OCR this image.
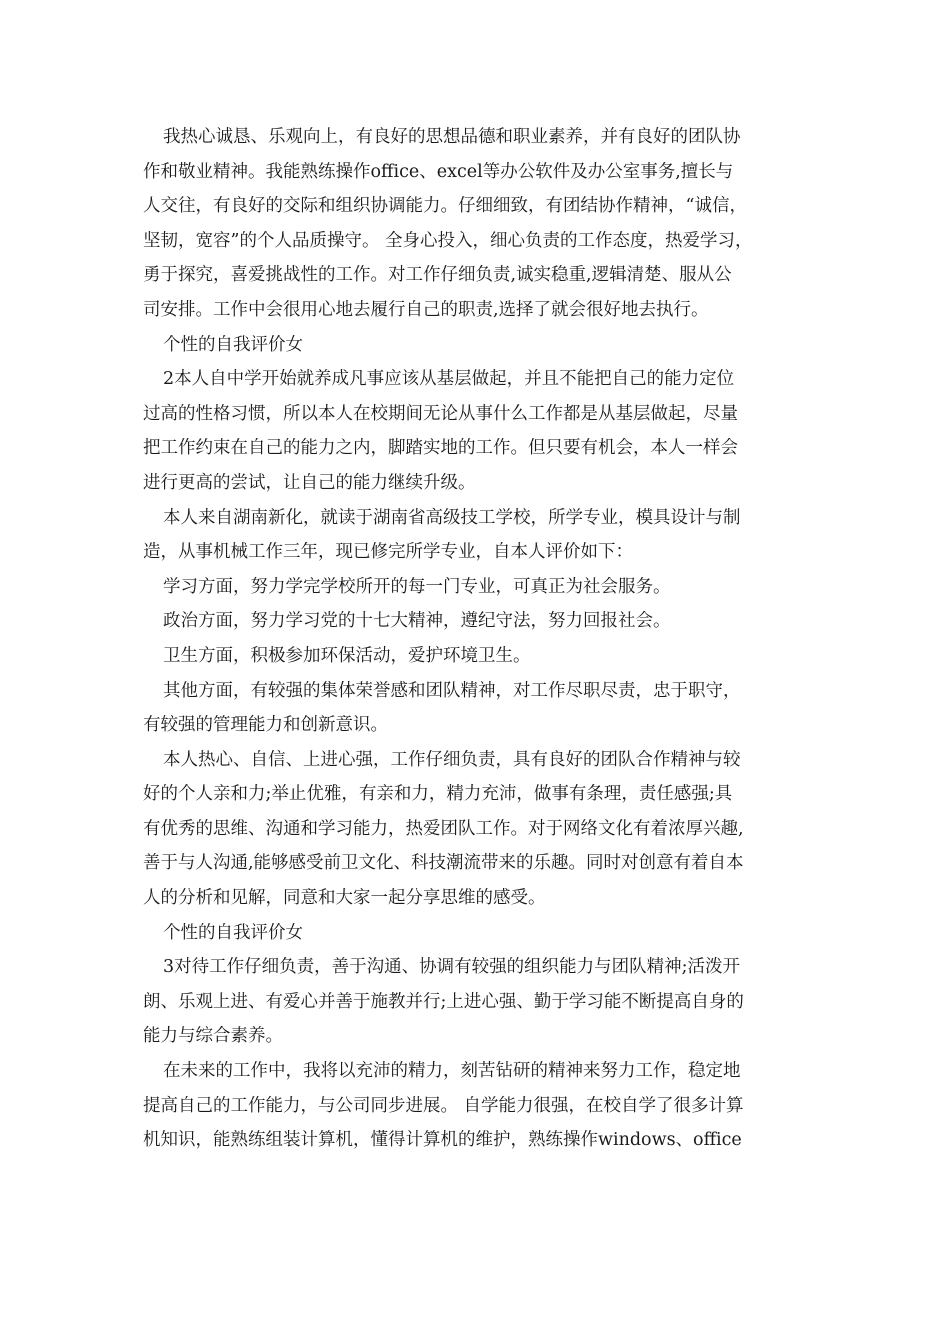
我热心诚恳、乐观向上，有良好的思想品德和职业素养，并有良好的团队协
作和敬业精神。我能熟练操作office、excel等办公软件及办公室事务,擅长与
人交往，有良好的交际和组织协调能力。仔细细致，有团结协作精神，“诚信，
坚韧，宽容”的个人品质操守。 全身心投入，细心负责的工作态度，热爱学习，
勇于探究，喜爱挑战性的工作。对工作仔细负责,诚实稳重,逻辑清楚、服从公
司安排。工作中会很用心地去履行自己的职责,选择了就会很好地去执行。
个性的自我评价女
2本人自中学开始就养成凡事应该从基层做起，并且不能把自己的能力定位
过高的性格习惯，所以本人在校期间无论从事什么工作都是从基层做起，尽量
把工作约束在自己的能力之内，脚踏实地的工作。但只要有机会，本人一样会
进行更高的尝试，让自己的能力继续升级。
本人来自湖南新化，就读于湖南省高级技工学校，所学专业，模具设计与制
造，从事机械工作三年，现已修完所学专业，自本人评价如下：
学习方面，努力学完学校所开的每一门专业，可真正为社会服务。
政治方面，努力学习党的十七大精神，遵纪守法，努力回报社会。
卫生方面，积极参加环保活动，爱护环境卫生。
其他方面，有较强的集体荣誉感和团队精神，对工作尽职尽责，忠于职守，
有较强的管理能力和创新意识。
本人热心、自信、上进心强，工作仔细负责，具有良好的团队合作精神与较
好的个人亲和力;举止优雅，有亲和力，精力充沛，做事有条理，责任感强;具
有优秀的思维、沟通和学习能力，热爱团队工作。对于网络文化有着浓厚兴趣,
善于与人沟通,能够感受前卫文化、科技潮流带来的乐趣。同时对创意有着自本
人的分析和见解，同意和大家一起分享思维的感受。
个性的自我评价女
3对待工作仔细负责，善于沟通、协调有较强的组织能力与团队精神;活泼开
朗、乐观上进、有爱心并善于施教并行;上进心强、勤于学习能不断提高自身的
能力与综合素养。
在未来的工作中，我将以充沛的精力，刻苦钻研的精神来努力工作，稳定地
提高自己的工作能力，与公司同步进展。 自学能力很强，在校自学了很多计算
机知识，能熟练组装计算机，懂得计算机的维护，熟练操作windows、office
